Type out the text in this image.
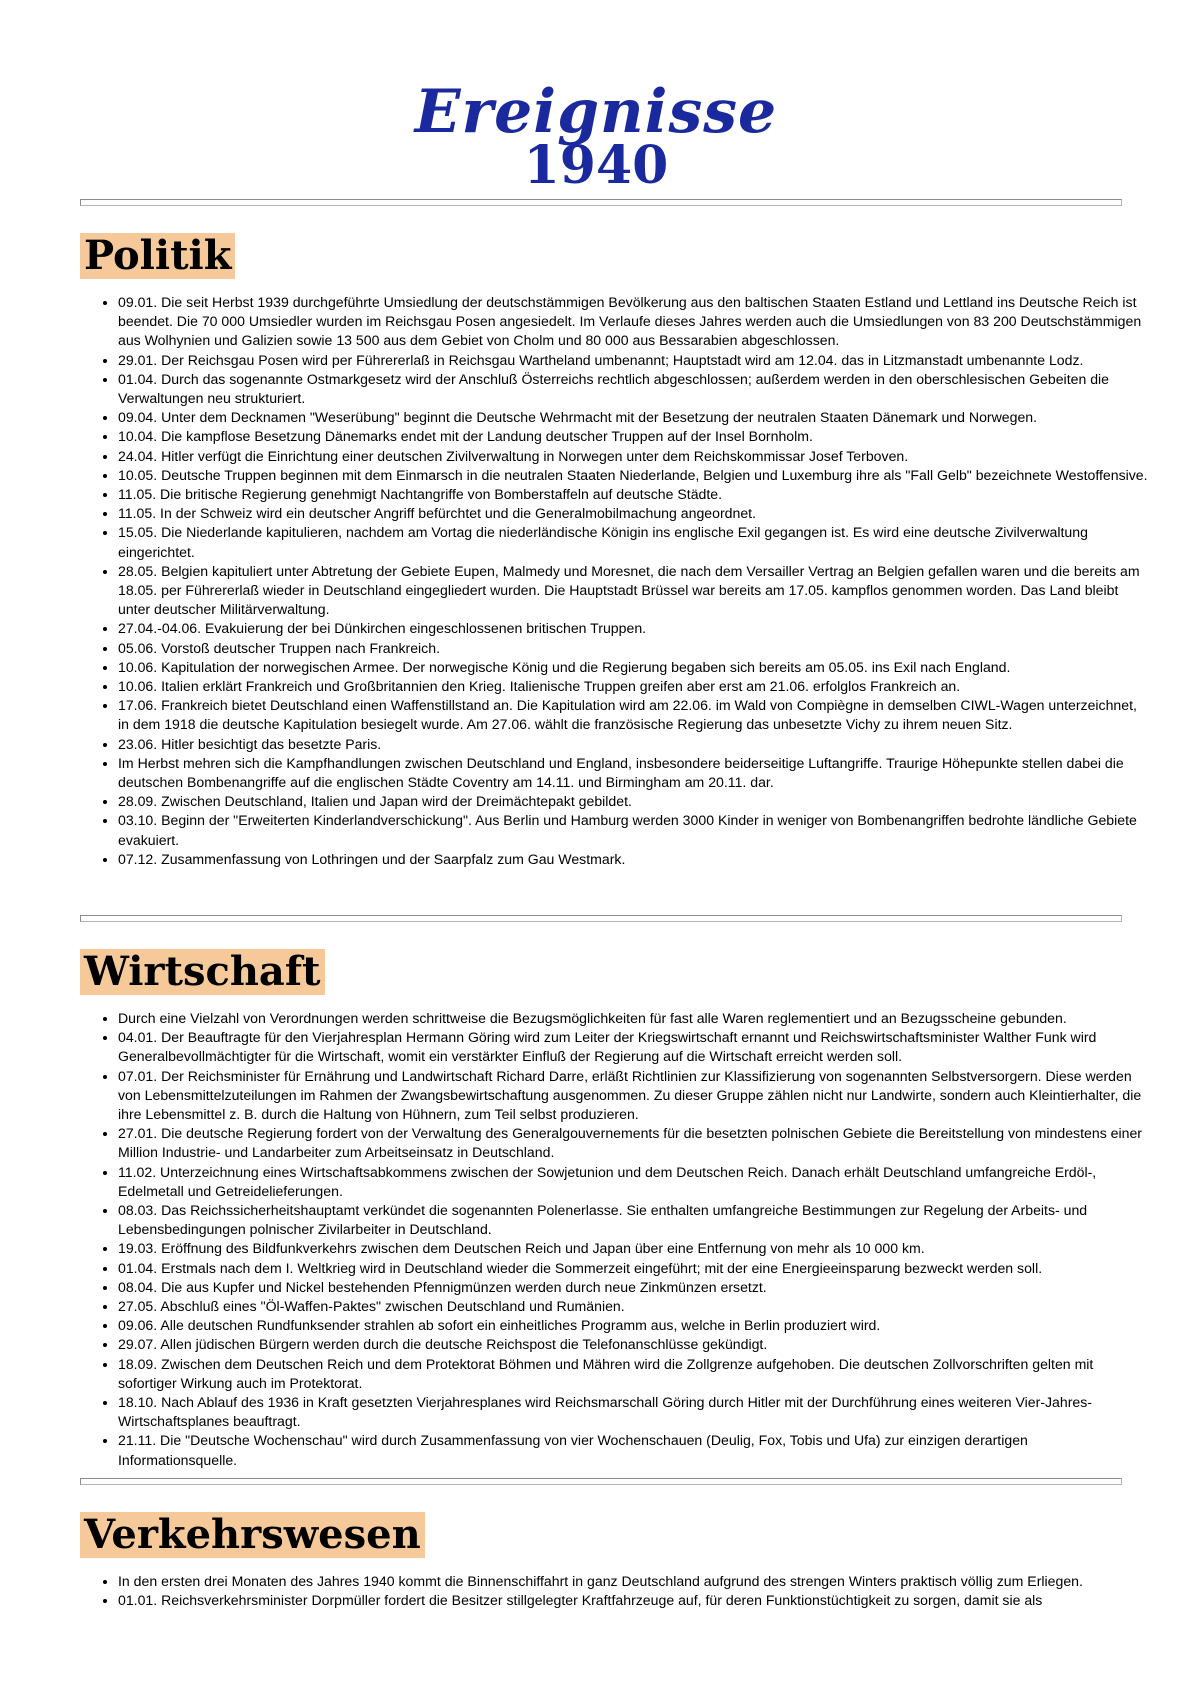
Ereignisse
1940
Politik
• 09.01. Die seit Herbst 1939 durchgeführte Umsiedlung der deutschstämmigen Bevölkerung aus den baltischen Staaten Estland und Lettland ins Deutsche Reich ist beendet. Die 70 000 Umsiedler wurden im Reichsgau Posen angesiedelt. Im Verlaufe dieses Jahres werden auch die Umsiedlungen von 83 200 Deutschstämmigen aus Wolhynien und Galizien sowie 13 500 aus dem Gebiet von Cholm und 80 000 aus Bessarabien abgeschlossen.
• 29.01. Der Reichsgau Posen wird per Führererlaß in Reichsgau Wartheland umbenannt; Hauptstadt wird am 12.04. das in Litzmanstadt umbenannte Lodz.
• 01.04. Durch das sogenannte Ostmarkgesetz wird der Anschluß Österreichs rechtlich abgeschlossen; außerdem werden in den oberschlesischen Gebeiten die Verwaltungen neu strukturiert.
• 09.04. Unter dem Decknamen "Weserübung" beginnt die Deutsche Wehrmacht mit der Besetzung der neutralen Staaten Dänemark und Norwegen.
• 10.04. Die kampflose Besetzung Dänemarks endet mit der Landung deutscher Truppen auf der Insel Bornholm.
• 24.04. Hitler verfügt die Einrichtung einer deutschen Zivilverwaltung in Norwegen unter dem Reichskommissar Josef Terboven.
• 10.05. Deutsche Truppen beginnen mit dem Einmarsch in die neutralen Staaten Niederlande, Belgien und Luxemburg ihre als "Fall Gelb" bezeichnete Westoffensive.
• 11.05. Die britische Regierung genehmigt Nachtangriffe von Bomberstaffeln auf deutsche Städte.
• 11.05. In der Schweiz wird ein deutscher Angriff befürchtet und die Generalmobilmachung angeordnet.
• 15.05. Die Niederlande kapitulieren, nachdem am Vortag die niederländische Königin ins englische Exil gegangen ist. Es wird eine deutsche Zivilverwaltung eingerichtet.
• 28.05. Belgien kapituliert unter Abtretung der Gebiete Eupen, Malmedy und Moresnet, die nach dem Versailler Vertrag an Belgien gefallen waren und die bereits am 18.05. per Führererlaß wieder in Deutschland eingegliedert wurden. Die Hauptstadt Brüssel war bereits am 17.05. kampflos genommen worden. Das Land bleibt unter deutscher Militärverwaltung.
• 27.04.-04.06. Evakuierung der bei Dünkirchen eingeschlossenen britischen Truppen.
• 05.06. Vorstoß deutscher Truppen nach Frankreich.
• 10.06. Kapitulation der norwegischen Armee. Der norwegische König und die Regierung begaben sich bereits am 05.05. ins Exil nach England.
• 10.06. Italien erklärt Frankreich und Großbritannien den Krieg. Italienische Truppen greifen aber erst am 21.06. erfolglos Frankreich an.
• 17.06. Frankreich bietet Deutschland einen Waffenstillstand an. Die Kapitulation wird am 22.06. im Wald von Compiègne in demselben CIWL-Wagen unterzeichnet, in dem 1918 die deutsche Kapitulation besiegelt wurde. Am 27.06. wählt die französische Regierung das unbesetzte Vichy zu ihrem neuen Sitz.
• 23.06. Hitler besichtigt das besetzte Paris.
• Im Herbst mehren sich die Kampfhandlungen zwischen Deutschland und England, insbesondere beiderseitige Luftangriffe. Traurige Höhepunkte stellen dabei die deutschen Bombenangriffe auf die englischen Städte Coventry am 14.11. und Birmingham am 20.11. dar.
• 28.09. Zwischen Deutschland, Italien und Japan wird der Dreimächtepakt gebildet.
• 03.10. Beginn der "Erweiterten Kinderlandverschickung". Aus Berlin und Hamburg werden 3000 Kinder in weniger von Bombenangriffen bedrohte ländliche Gebiete evakuiert.
• 07.12. Zusammenfassung von Lothringen und der Saarpfalz zum Gau Westmark.
Wirtschaft
• Durch eine Vielzahl von Verordnungen werden schrittweise die Bezugsmöglichkeiten für fast alle Waren reglementiert und an Bezugsscheine gebunden.
• 04.01. Der Beauftragte für den Vierjahresplan Hermann Göring wird zum Leiter der Kriegswirtschaft ernannt und Reichswirtschaftsminister Walther Funk wird Generalbevollmächtigter für die Wirtschaft, womit ein verstärkter Einfluß der Regierung auf die Wirtschaft erreicht werden soll.
• 07.01. Der Reichsminister für Ernährung und Landwirtschaft Richard Darre, erläßt Richtlinien zur Klassifizierung von sogenannten Selbstversorgern. Diese werden von Lebensmittelzuteilungen im Rahmen der Zwangsbewirtschaftung ausgenommen. Zu dieser Gruppe zählen nicht nur Landwirte, sondern auch Kleintierhalter, die ihre Lebensmittel z. B. durch die Haltung von Hühnern, zum Teil selbst produzieren.
• 27.01. Die deutsche Regierung fordert von der Verwaltung des Generalgouvernements für die besetzten polnischen Gebiete die Bereitstellung von mindestens einer Million Industrie- und Landarbeiter zum Arbeitseinsatz in Deutschland.
• 11.02. Unterzeichnung eines Wirtschaftsabkommens zwischen der Sowjetunion und dem Deutschen Reich. Danach erhält Deutschland umfangreiche Erdöl-, Edelmetall und Getreidelieferungen.
• 08.03. Das Reichssicherheitshauptamt verkündet die sogenannten Polenerlasse. Sie enthalten umfangreiche Bestimmungen zur Regelung der Arbeits- und Lebensbedingungen polnischer Zivilarbeiter in Deutschland.
• 19.03. Eröffnung des Bildfunkverkehrs zwischen dem Deutschen Reich und Japan über eine Entfernung von mehr als 10 000 km.
• 01.04. Erstmals nach dem I. Weltkrieg wird in Deutschland wieder die Sommerzeit eingeführt; mit der eine Energieeinsparung bezweckt werden soll.
• 08.04. Die aus Kupfer und Nickel bestehenden Pfennigmünzen werden durch neue Zinkmünzen ersetzt.
• 27.05. Abschluß eines "Öl-Waffen-Paktes" zwischen Deutschland und Rumänien.
• 09.06. Alle deutschen Rundfunksender strahlen ab sofort ein einheitliches Programm aus, welche in Berlin produziert wird.
• 29.07. Allen jüdischen Bürgern werden durch die deutsche Reichspost die Telefonanschlüsse gekündigt.
• 18.09. Zwischen dem Deutschen Reich und dem Protektorat Böhmen und Mähren wird die Zollgrenze aufgehoben. Die deutschen Zollvorschriften gelten mit sofortiger Wirkung auch im Protektorat.
• 18.10. Nach Ablauf des 1936 in Kraft gesetzten Vierjahresplanes wird Reichsmarschall Göring durch Hitler mit der Durchführung eines weiteren Vier-Jahres-Wirtschaftsplanes beauftragt.
• 21.11. Die "Deutsche Wochenschau" wird durch Zusammenfassung von vier Wochenschauen (Deulig, Fox, Tobis und Ufa) zur einzigen derartigen Informationsquelle.
Verkehrswesen
• In den ersten drei Monaten des Jahres 1940 kommt die Binnenschiffahrt in ganz Deutschland aufgrund des strengen Winters praktisch völlig zum Erliegen.
• 01.01. Reichsverkehrsminister Dorpmüller fordert die Besitzer stillgelegter Kraftfahrzeuge auf, für deren Funktionstüchtigkeit zu sorgen, damit sie als
